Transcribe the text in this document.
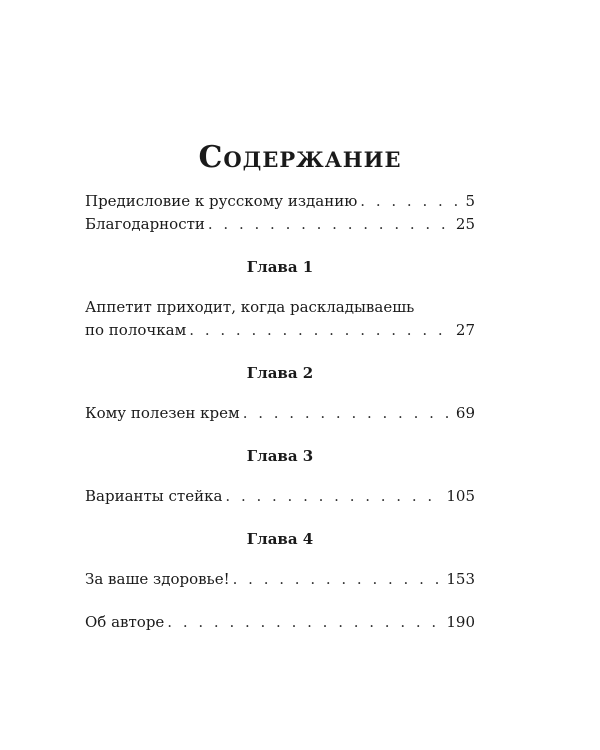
Содержание
Предисловие к русскому изданию . . .	5
Благодарности . . .	25
Глава 1
Аппетит приходит, когда раскладываешь
по полочкам . . .	27
Глава 2
Кому полезен крем . . .	69
Глава 3
Варианты стейка . . .	105
Глава 4
За ваше здоровье! . . .	153
Об авторе . . .	190
